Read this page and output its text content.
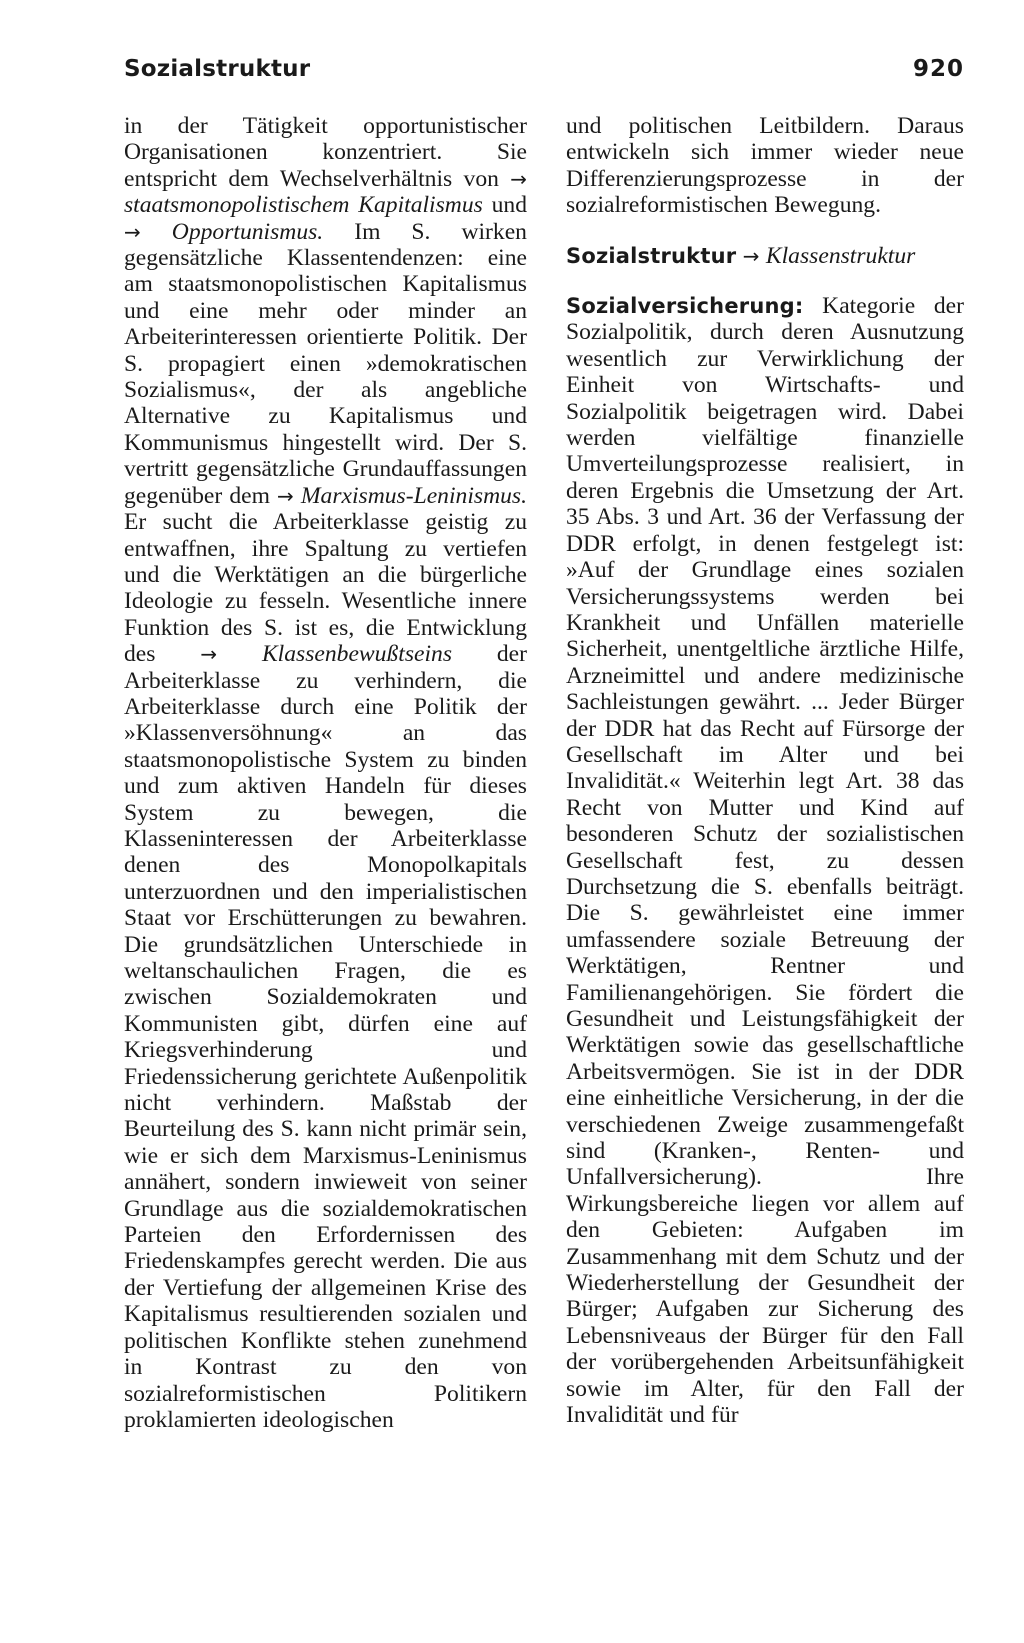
Sozialstruktur	920

in der Tätigkeit opportunistischer Organisationen konzentriert. Sie entspricht dem Wechselverhältnis von → staatsmonopolistischem Kapitalismus und → Opportunismus. Im S. wirken gegensätzliche Klassentendenzen: eine am staatsmonopolistischen Kapitalismus und eine mehr oder minder an Arbeiterinteressen orientierte Politik. Der S. propagiert einen »demokratischen Sozialismus«, der als angebliche Alternative zu Kapitalismus und Kommunismus hingestellt wird. Der S. vertritt gegensätzliche Grundauffassungen gegenüber dem → Marxismus-Leninismus. Er sucht die Arbeiterklasse geistig zu entwaffnen, ihre Spaltung zu vertiefen und die Werktätigen an die bürgerliche Ideologie zu fesseln. Wesentliche innere Funktion des S. ist es, die Entwicklung des → Klassenbewußtseins der Arbeiterklasse zu verhindern, die Arbeiterklasse durch eine Politik der »Klassenversöhnung« an das staatsmonopolistische System zu binden und zum aktiven Handeln für dieses System zu bewegen, die Klasseninteressen der Arbeiterklasse denen des Monopolkapitals unterzuordnen und den imperialistischen Staat vor Erschütterungen zu bewahren. Die grundsätzlichen Unterschiede in weltanschaulichen Fragen, die es zwischen Sozialdemokraten und Kommunisten gibt, dürfen eine auf Kriegsverhinderung und Friedenssicherung gerichtete Außenpolitik nicht verhindern. Maßstab der Beurteilung des S. kann nicht primär sein, wie er sich dem Marxismus-Leninismus annähert, sondern inwieweit von seiner Grundlage aus die sozialdemokratischen Parteien den Erfordernissen des Friedenskampfes gerecht werden. Die aus der Vertiefung der allgemeinen Krise des Kapitalismus resultierenden sozialen und politischen Konflikte stehen zunehmend in Kontrast zu den von sozialreformistischen Politikern proklamierten ideologischen

und politischen Leitbildern. Daraus entwickeln sich immer wieder neue Differenzierungsprozesse in der sozialreformistischen Bewegung.

Sozialstruktur → Klassenstruktur

Sozialversicherung: Kategorie der Sozialpolitik, durch deren Ausnutzung wesentlich zur Verwirklichung der Einheit von Wirtschafts- und Sozialpolitik beigetragen wird. Dabei werden vielfältige finanzielle Umverteilungsprozesse realisiert, in deren Ergebnis die Umsetzung der Art. 35 Abs. 3 und Art. 36 der Verfassung der DDR erfolgt, in denen festgelegt ist: »Auf der Grundlage eines sozialen Versicherungssystems werden bei Krankheit und Unfällen materielle Sicherheit, unentgeltliche ärztliche Hilfe, Arzneimittel und andere medizinische Sachleistungen gewährt. ... Jeder Bürger der DDR hat das Recht auf Fürsorge der Gesellschaft im Alter und bei Invalidität.« Weiterhin legt Art. 38 das Recht von Mutter und Kind auf besonderen Schutz der sozialistischen Gesellschaft fest, zu dessen Durchsetzung die S. ebenfalls beiträgt. Die S. gewährleistet eine immer umfassendere soziale Betreuung der Werktätigen, Rentner und Familienangehörigen. Sie fördert die Gesundheit und Leistungsfähigkeit der Werktätigen sowie das gesellschaftliche Arbeitsvermögen. Sie ist in der DDR eine einheitliche Versicherung, in der die verschiedenen Zweige zusammengefaßt sind (Kranken-, Renten- und Unfallversicherung). Ihre Wirkungsbereiche liegen vor allem auf den Gebieten: Aufgaben im Zusammenhang mit dem Schutz und der Wiederherstellung der Gesundheit der Bürger; Aufgaben zur Sicherung des Lebensniveaus der Bürger für den Fall der vorübergehenden Arbeitsunfähigkeit sowie im Alter, für den Fall der Invalidität und für
